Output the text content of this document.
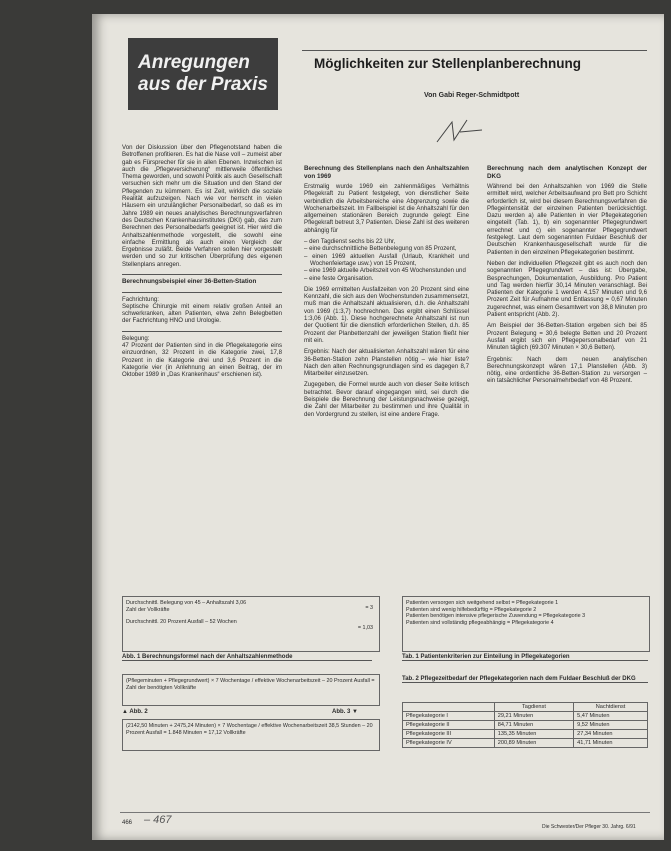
Anregungen
aus der Praxis
Möglichkeiten zur Stellenplanberechnung
Von Gabi Reger-Schmidtpott

Von der Diskussion über den Pflegenotstand haben die Betroffenen profitieren. Es hat die Nase voll – zumeist aber gab es Fürsprecher für sie in allen Ebenen. Inzwischen ist auch die „Pflegeversicherung“ mittlerweile öffentliches Thema geworden, und sowohl Politik als auch Gesellschaft versuchen sich mehr um die Situation und den Stand der Pflegenden zu kümmern. Es ist Zeit, wirklich die soziale Realität aufzuzeigen. Nach wie vor herrscht in vielen Häusern ein unzulänglicher Personalbedarf, so daß es im Jahre 1989 ein neues analytisches Berechnungsverfahren des Deutschen Krankenhausinstitutes (DKI) gab, das zum Berechnen des Personalbedarfs geeignet ist. Hier wird die Anhaltszahlenmethode vorgestellt, die sowohl eine einfache Ermittlung als auch einen Vergleich der Ergebnisse zuläßt. Beide Verfahren sollen hier vorgestellt werden und so zur kritischen Überprüfung des eigenen Stellenplans anregen.

Berechnungsbeispiel einer 36-Betten-Station
Fachrichtung:

Septische Chirurgie mit einem relativ großen Anteil an schwerkranken, alten Patienten, etwa zehn Belegbetten der Fachrichtung HNO und Urologie.

Belegung:

47 Prozent der Patienten sind in die Pflegekategorie eins einzuordnen, 32 Prozent in die Kategorie zwei, 17,8 Prozent in die Kategorie drei und 3,6 Prozent in die Kategorie vier (in Anlehnung an einen Beitrag, der im Oktober 1989 in „Das Krankenhaus“ erschienen ist).

Berechnung des Stellenplans nach den Anhaltszahlen von 1969

Erstmalig wurde 1969 ein zahlenmäßiges Verhältnis Pflegekraft zu Patient festgelegt, von dienstlicher Seite verbindlich die Arbeitsbereiche eine Abgrenzung sowie die Wochenarbeitszeit. Im Fallbeispiel ist die Anhaltszahl für den allgemeinen stationären Bereich zugrunde gelegt: Eine Pflegekraft betreut 3,7 Patienten. Diese Zahl ist des weiteren abhängig für

– den Tagdienst sechs bis 22 Uhr,
– eine durchschnittliche Bettenbelegung von 85 Prozent,
– einen 1969 aktuellen Ausfall (Urlaub, Krankheit und Wochenfeiertage usw.) von 15 Prozent,
– eine 1969 aktuelle Arbeitszeit von 45 Wochenstunden und
– eine feste Organisation.

Die 1969 ermittelten Ausfallzeiten von 20 Prozent sind eine Kennzahl, die sich aus den Wochenstunden zusammensetzt, muß man die Anhaltszahl aktualisieren, d.h. die Anhaltszahl von 1969 (1:3,7) hochrechnen. Das ergibt einen Schlüssel 1:3,06 (Abb. 1). Diese hochgerechnete Anhaltszahl ist nun der Quotient für die dienstlich erforderlichen Stellen, d.h. 85 Prozent der Planbettenzahl der jeweiligen Station fließt hier mit ein.

Ergebnis: Nach der aktualisierten Anhaltszahl wären für eine 36-Betten-Station zehn Planstellen nötig – wie hier liste? Nach den alten Rechnungsgrundlagen sind es dagegen 8,7 Mitarbeiter einzusetzen.

Zugegeben, die Formel wurde auch von dieser Seite kritisch betrachtet. Bevor darauf eingegangen wird, sei durch die Beispiele die Berechnung der Leistungsnachweise gezeigt, die Zahl der Mitarbeiter zu bestimmen und ihre Qualität in den Vordergrund zu stellen, ist eine andere Frage.

Berechnung nach dem analytischen Konzept der DKG

Während bei den Anhaltszahlen von 1969 die Stelle ermittelt wird, welcher Arbeitsaufwand pro Bett pro Schicht erforderlich ist, wird bei diesem Berechnungsverfahren die Pflegeintensität der einzelnen Patienten berücksichtigt. Dazu werden a) alle Patienten in vier Pflegekategorien eingeteilt (Tab. 1), b) ein sogenannter Pflegegrundwert errechnet und c) ein sogenannter Pflegegrundwert festgelegt. Laut dem sogenannten Fuldaer Beschluß der Deutschen Krankenhausgesellschaft wurde für die Patienten in den einzelnen Pflegekategorien bestimmt.

Neben der individuellen Pflegezeit gibt es auch noch den sogenannten Pflegegrundwert – das ist: Übergabe, Besprechungen, Dokumentation, Ausbildung. Pro Patient und Tag werden hierfür 30,14 Minuten veranschlagt. Bei Patienten der Kategorie 1 werden 4,157 Minuten und 9,6 Prozent Zeit für Aufnahme und Entlassung = 0,67 Minuten zugerechnet, was einem Gesamtwert von 38,8 Minuten pro Patient entspricht (Abb. 2).

Am Beispiel der 36-Betten-Station ergeben sich bei 85 Prozent Belegung = 30,6 belegte Betten und 20 Prozent Ausfall ergibt sich ein Pflegepersonalbedarf von 21 Minuten täglich (69.307 Minuten × 30,6 Betten).

Ergebnis: Nach dem neuen analytischen Berechnungskonzept wären 17,1 Planstellen (Abb. 3) nötig, eine ordentliche 36-Betten-Station zu versorgen – ein tatsächlicher Personalmehrbedarf von 48 Prozent.

Durchschnittl. Belegung von 45 – Anhaltszahl 3,06
Zahl der Vollkräfte
Durchschnittl. 20 Prozent Ausfall – 52 Wochen
= 3
= 1,03
Abb. 1 Berechnungsformel nach der Anhaltszahlenmethode
Patienten versorgen sich weitgehend selbst = Pflegekategorie 1
Patienten sind wenig hilfebedürftig = Pflegekategorie 2
Patienten benötigen intensive pflegerische Zuwendung = Pflegekategorie 3
Patienten sind vollständig pflegeabhängig = Pflegekategorie 4
Tab. 1 Patientenkriterien zur Einteilung in Pflegekategorien
(Pflegeminuten + Pflegegrundwert) × 7 Wochentage / effektive Wochenarbeitszeit – 20 Prozent Ausfall = Zahl der benötigten Vollkräfte
▲ Abb. 2	Abb. 3 ▼
(2142,50 Minuten + 2475,24 Minuten) × 7 Wochentage / effektive Wochenarbeitszeit 38,5 Stunden – 20 Prozent Ausfall = 1.848 Minuten = 17,12 Vollkräfte
Tab. 2 Pflegezeitbedarf der Pflegekategorien nach dem Fuldaer Beschluß der DKG
	Tagdienst	Nachtdienst
Pflegekategorie I	29,21 Minuten	5,47 Minuten
Pflegekategorie II	84,71 Minuten	9,52 Minuten
Pflegekategorie III	135,35 Minuten	27,34 Minuten
Pflegekategorie IV	200,89 Minuten	41,71 Minuten
466 – 467
Die Schwester/Der Pfleger 30. Jahrg. 6/91
